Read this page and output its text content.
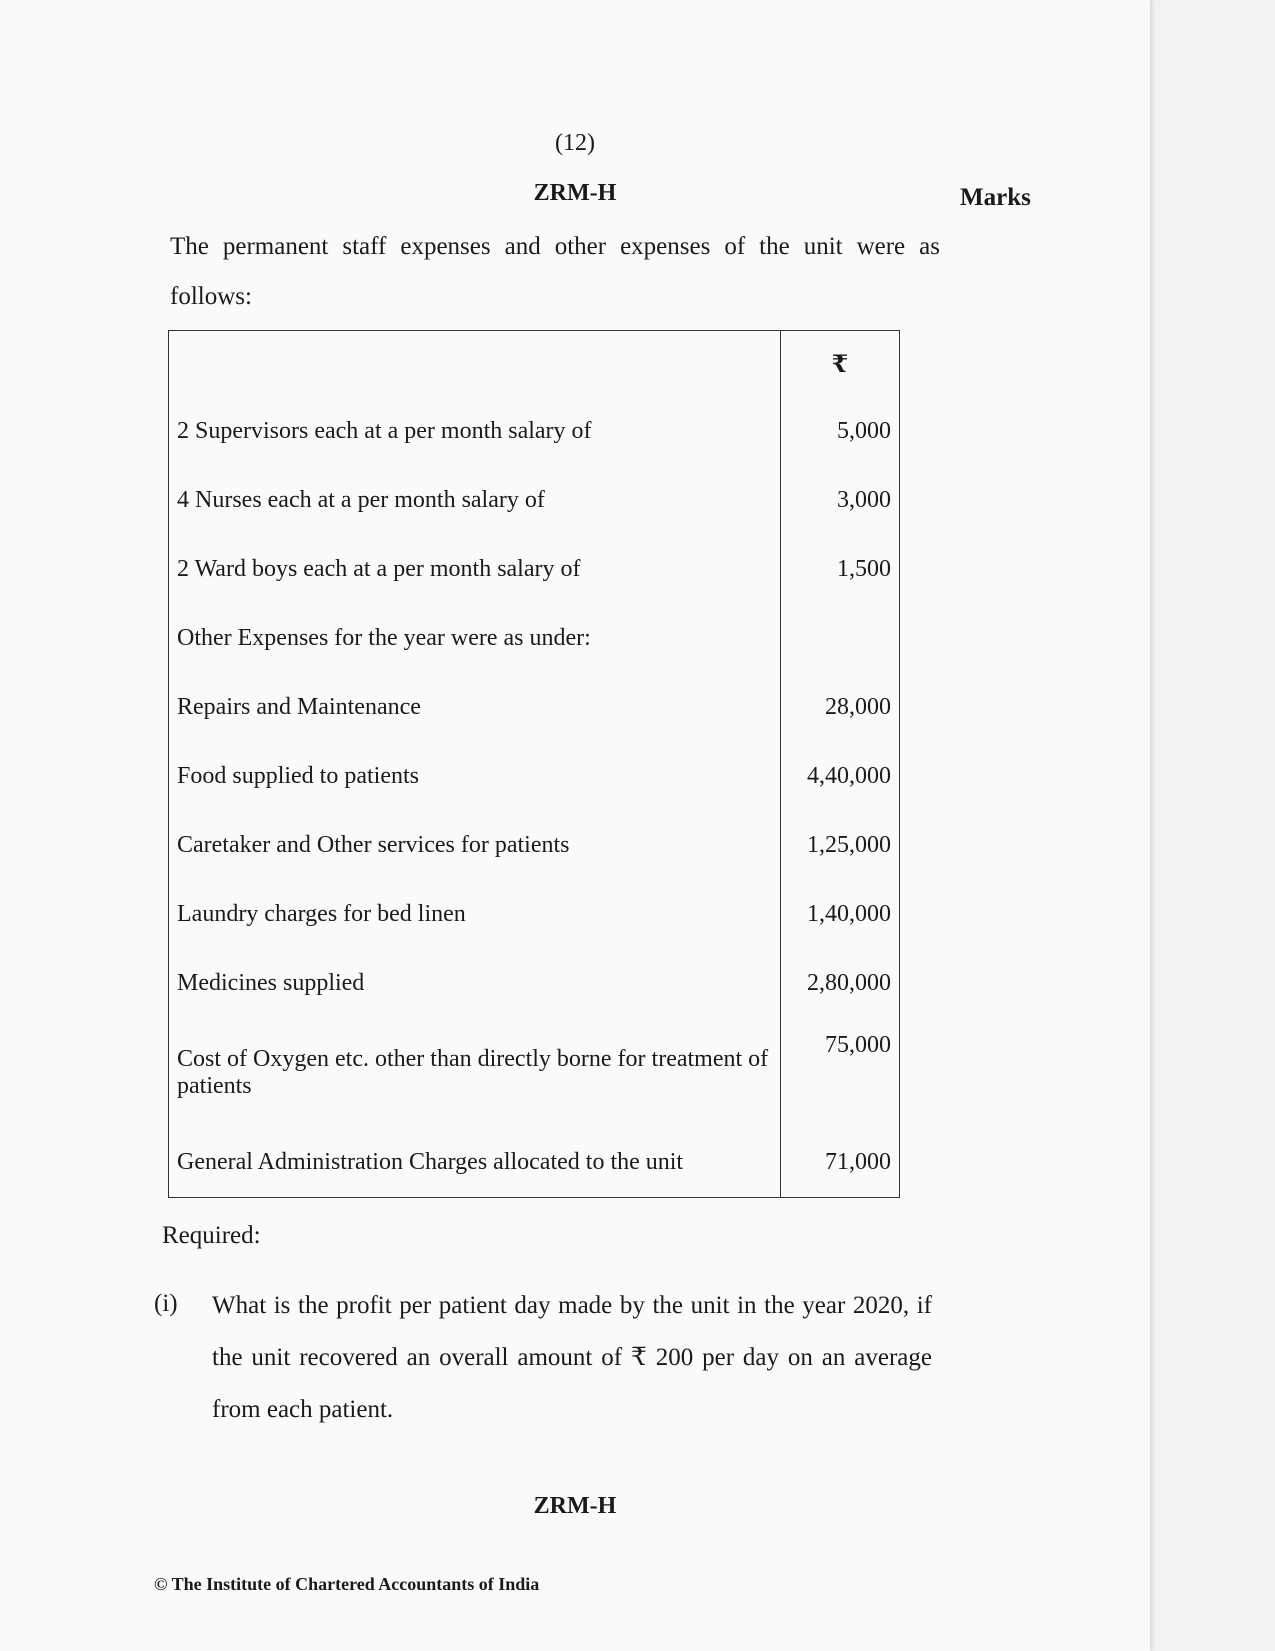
(12)
ZRM-H	Marks
The permanent staff expenses and other expenses of the unit were as follows:
	₹
2 Supervisors each at a per month salary of	5,000
4 Nurses each at a per month salary of	3,000
2 Ward boys each at a per month salary of	1,500
Other Expenses for the year were as under:	
Repairs and Maintenance	28,000
Food supplied to patients	4,40,000
Caretaker and Other services for patients	1,25,000
Laundry charges for bed linen	1,40,000
Medicines supplied	2,80,000
Cost of Oxygen etc. other than directly borne for treatment of patients	75,000
General Administration Charges allocated to the unit	71,000
Required:
(i) What is the profit per patient day made by the unit in the year 2020, if the unit recovered an overall amount of ₹ 200 per day on an average from each patient.
ZRM-H
© The Institute of Chartered Accountants of India
